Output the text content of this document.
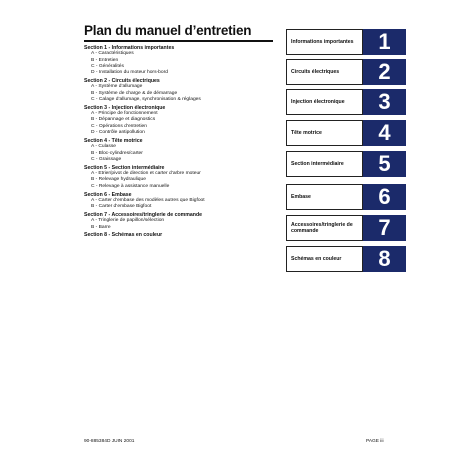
Plan du manuel d’entretien
Section 1 - Informations importantes
A - Caractéristiques
B - Entretien
C - Généralités
D - Installation du moteur hors-bord
Section 2 - Circuits électriques
A - Système d’allumage
B - Système de charge & de démarrage
C - Calage d’allumage, synchronisation & réglages
Section 3 - Injection électronique
A - Principe de fonctionnement
B - Dépannage et diagnostics
C - Opérations d’entretien
D - Contrôle antipollution
Section 4 - Tête motrice
A - Culasse
B - Bloc-cylindres/carter
C - Graissage
Section 5 - Section intermédiaire
A - Etrier/pivot de direction et carter d’arbre moteur
B - Relevage hydraulique
C - Relevage à assistance manuelle
Section 6 - Embase
A - Carter d’embase des modèles autres que Bigfoot
B - Carter d’embase Bigfoot
Section 7 - Accessoires/tringlerie de commande
A - Tringlerie de papillon/sélection
B - Barre
Section 8 - Schémas en couleur
Informations importantes	1
Circuits électriques	2
Injection électronique	3
Tête motrice	4
Section intermédiaire	5
Embase	6
Accessoires/tringlerie de commande	7
Schémas en couleur	8
90-885384D JUIN 2001	PAGE iii
